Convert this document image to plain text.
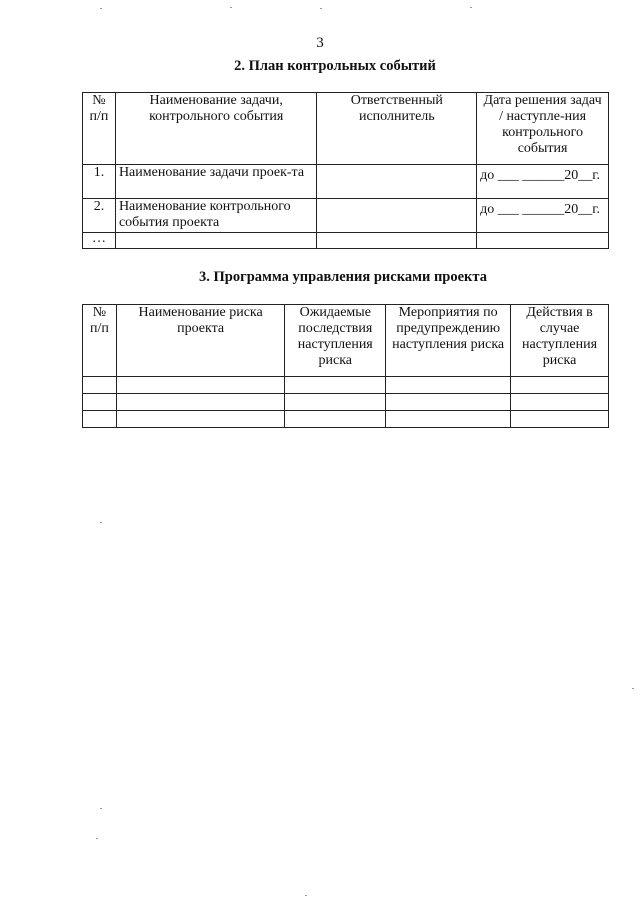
3
2. План контрольных событий
№ п/п	Наименование задачи, контрольного события	Ответственный исполнитель	Дата решения задач / наступле-ния контрольного события
1.	Наименование задачи проек-та		до ___ ______20__г.
2.	Наименование контрольного события проекта		до ___ ______20__г.
…			
3. Программа управления рисками проекта
№ п/п	Наименование риска проекта	Ожидаемые последствия наступления риска	Мероприятия по предупреждению наступления риска	Действия в случае наступления риска
